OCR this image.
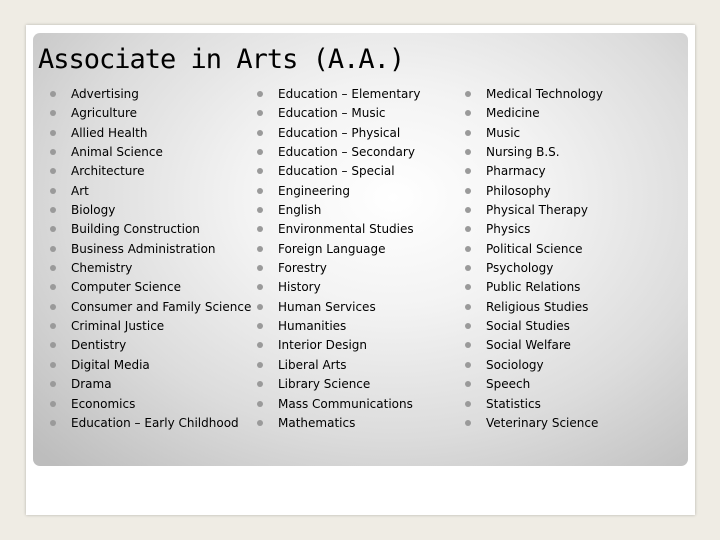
Associate in Arts (A.A.)
Advertising
Agriculture
Allied Health
Animal Science
Architecture
Art
Biology
Building Construction
Business Administration
Chemistry
Computer Science
Consumer and Family Science
Criminal Justice
Dentistry
Digital Media
Drama
Economics
Education – Early Childhood
Education – Elementary
Education – Music
Education – Physical
Education – Secondary
Education – Special
Engineering
English
Environmental Studies
Foreign Language
Forestry
History
Human Services
Humanities
Interior Design
Liberal Arts
Library Science
Mass Communications
Mathematics
Medical Technology
Medicine
Music
Nursing B.S.
Pharmacy
Philosophy
Physical Therapy
Physics
Political Science
Psychology
Public Relations
Religious Studies
Social Studies
Social Welfare
Sociology
Speech
Statistics
Veterinary Science
